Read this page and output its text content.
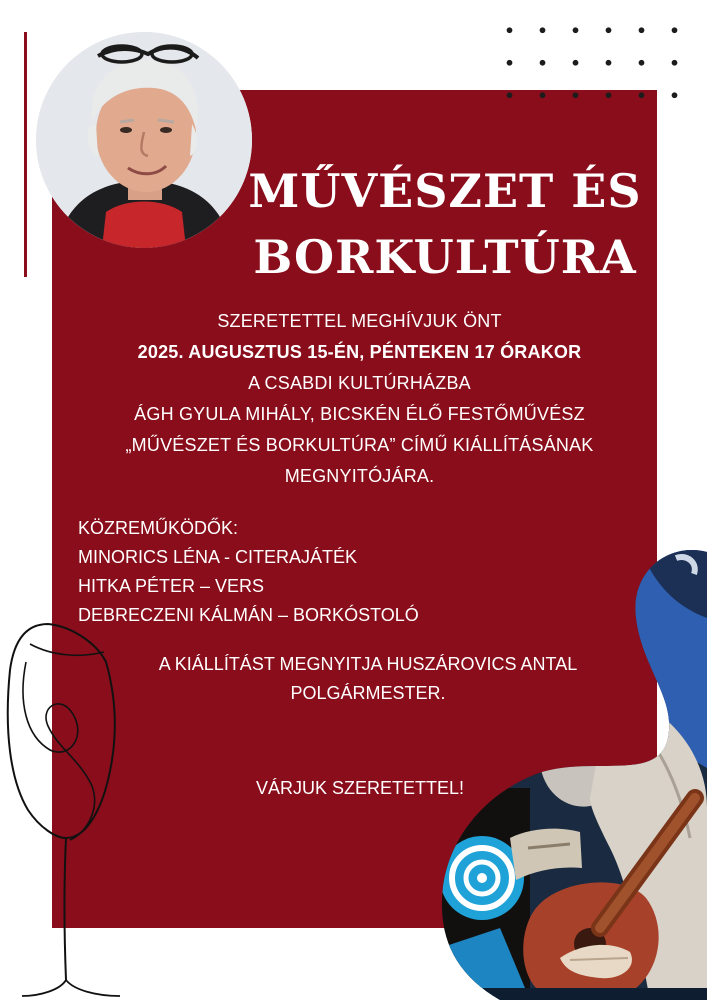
MŰVÉSZET ÉS
BORKULTÚRA
SZERETETTEL MEGHÍVJUK ÖNT
2025. AUGUSZTUS 15-ÉN, PÉNTEKEN 17 ÓRAKOR
A CSABDI KULTÚRHÁZBA
ÁGH GYULA MIHÁLY, BICSKÉN ÉLŐ FESTŐMŰVÉSZ
„MŰVÉSZET ÉS BORKULTÚRA” CÍMŰ KIÁLLÍTÁSÁNAK
MEGNYITÓJÁRA.
KÖZREMŰKÖDŐK:
MINORICS LÉNA - CITERAJÁTÉK
HITKA PÉTER – VERS
DEBRECZENI KÁLMÁN – BORKÓSTOLÓ
A KIÁLLÍTÁST MEGNYITJA HUSZÁROVICS ANTAL
POLGÁRMESTER.
VÁRJUK SZERETETTEL!
